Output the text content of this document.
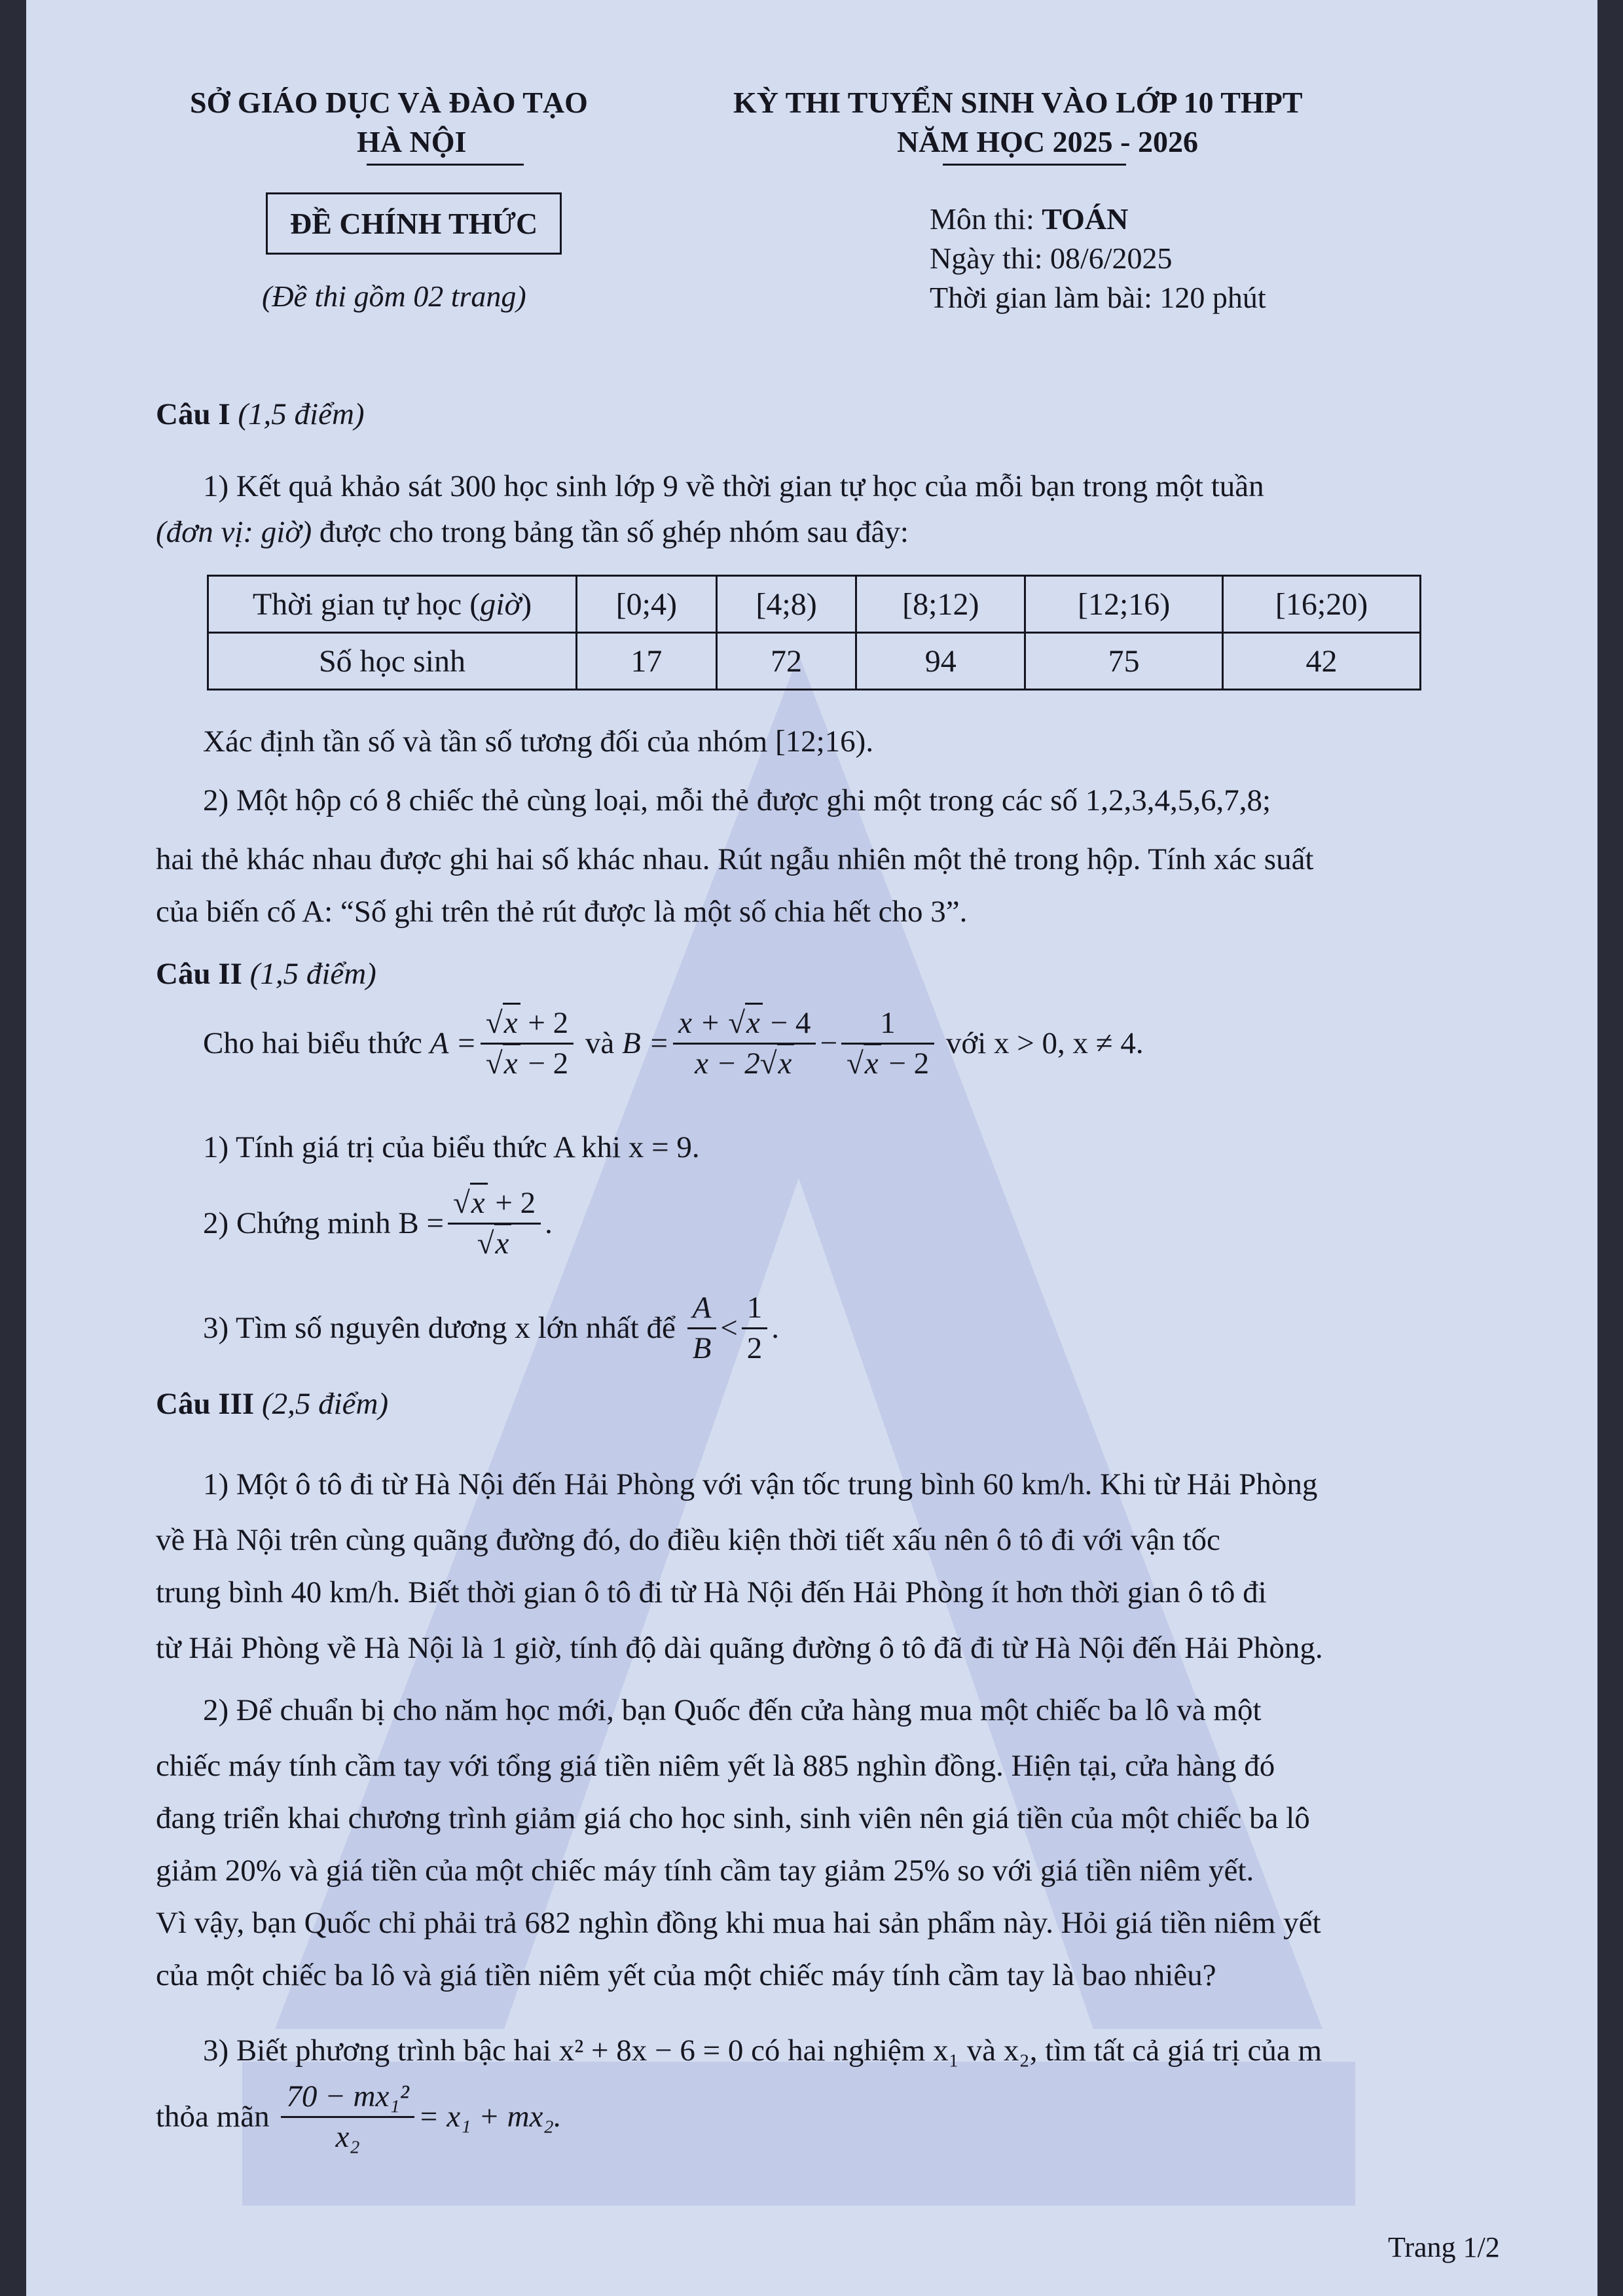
SỞ GIÁO DỤC VÀ ĐÀO TẠO
HÀ NỘI
ĐỀ CHÍNH THỨC
(Đề thi gồm 02 trang)
KỲ THI TUYỂN SINH VÀO LỚP 10 THPT
NĂM HỌC 2025 - 2026
Môn thi: TOÁN
Ngày thi: 08/6/2025
Thời gian làm bài: 120 phút
Câu I (1,5 điểm)
1) Kết quả khảo sát 300 học sinh lớp 9 về thời gian tự học của mỗi bạn trong một tuần
(đơn vị: giờ) được cho trong bảng tần số ghép nhóm sau đây:
Thời gian tự học (giờ)	[0;4)	[4;8)	[8;12)	[12;16)	[16;20)
Số học sinh	17	72	94	75	42
Xác định tần số và tần số tương đối của nhóm [12;16).
2) Một hộp có 8 chiếc thẻ cùng loại, mỗi thẻ được ghi một trong các số 1,2,3,4,5,6,7,8;
hai thẻ khác nhau được ghi hai số khác nhau. Rút ngẫu nhiên một thẻ trong hộp. Tính xác suất
của biến cố A: “Số ghi trên thẻ rút được là một số chia hết cho 3”.
Câu II (1,5 điểm)
Cho hai biểu thức
$A = \frac{√x + 2}{√x - 2}$
và
$B = \frac{x + √x - 4}{x - 2√x} - \frac{1}{√x - 2}$
với x > 0, x ≠ 4.
1) Tính giá trị của biểu thức A khi x = 9.
2) Chứng minh $B = \frac{√x + 2}{√x}$ .
3) Tìm số nguyên dương x lớn nhất để
$\frac{A}{B} < \frac{1}{2}$ .
Câu III (2,5 điểm)
1) Một ô tô đi từ Hà Nội đến Hải Phòng với vận tốc trung bình 60 km/h. Khi từ Hải Phòng
về Hà Nội trên cùng quãng đường đó, do điều kiện thời tiết xấu nên ô tô đi với vận tốc
trung bình 40 km/h. Biết thời gian ô tô đi từ Hà Nội đến Hải Phòng ít hơn thời gian ô tô đi
từ Hải Phòng về Hà Nội là 1 giờ, tính độ dài quãng đường ô tô đã đi từ Hà Nội đến Hải Phòng.
2) Để chuẩn bị cho năm học mới, bạn Quốc đến cửa hàng mua một chiếc ba lô và một
chiếc máy tính cầm tay với tổng giá tiền niêm yết là 885 nghìn đồng. Hiện tại, cửa hàng đó
đang triển khai chương trình giảm giá cho học sinh, sinh viên nên giá tiền của một chiếc ba lô
giảm 20% và giá tiền của một chiếc máy tính cầm tay giảm 25% so với giá tiền niêm yết.
Vì vậy, bạn Quốc chỉ phải trả 682 nghìn đồng khi mua hai sản phẩm này. Hỏi giá tiền niêm yết
của một chiếc ba lô và giá tiền niêm yết của một chiếc máy tính cầm tay là bao nhiêu?
3) Biết phương trình bậc hai x² + 8x − 6 = 0 có hai nghiệm x₁ và x₂, tìm tất cả giá trị của m
thỏa mãn
$\frac{\text{70 − mx₁²}}{\text{x₂}} = x_1 + mx_2$.
Trang 1/2
